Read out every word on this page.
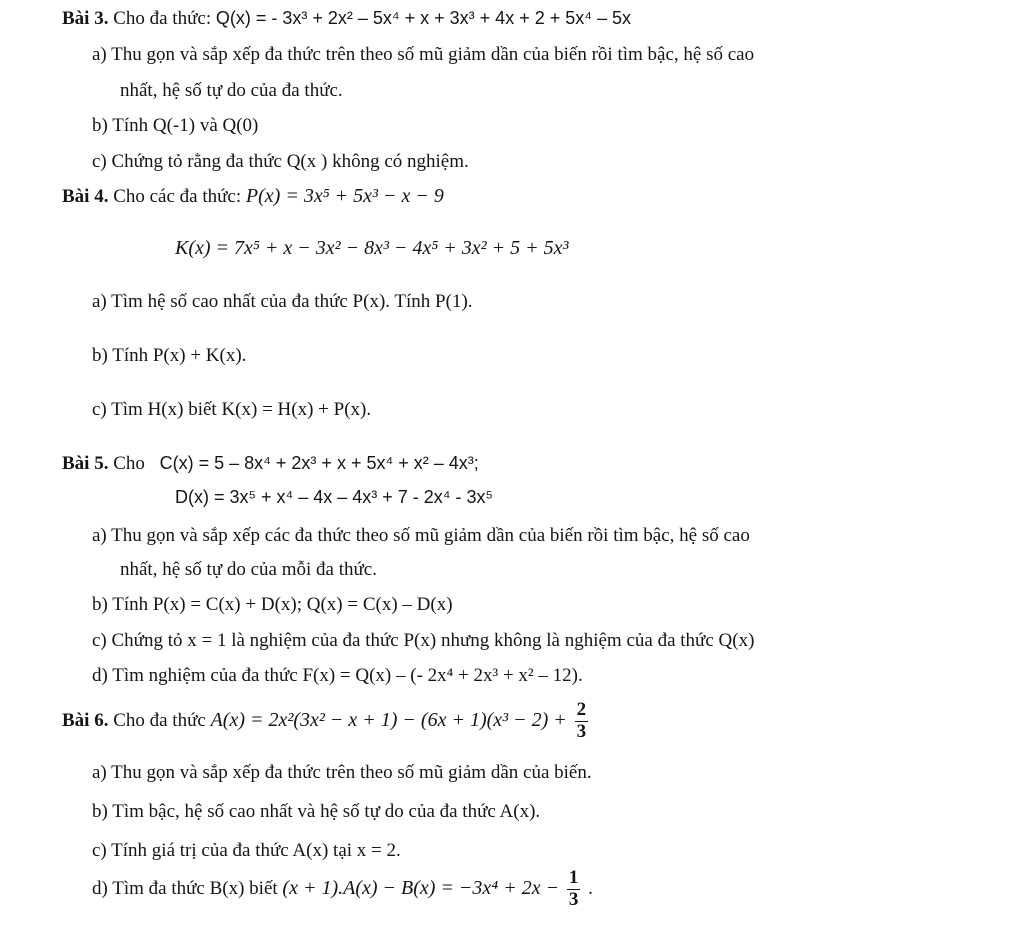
Bài 3. Cho đa thức: Q(x) = - 3x³ + 2x² – 5x⁴ + x + 3x³ + 4x + 2 + 5x⁴ – 5x
a) Thu gọn và sắp xếp đa thức trên theo số mũ giảm dần của biến rồi tìm bậc, hệ số cao
nhất, hệ số tự do của đa thức.
b) Tính Q(-1) và Q(0)
c) Chứng tỏ rằng đa thức Q(x ) không có nghiệm.
Bài 4. Cho các đa thức: P(x) = 3x⁵ + 5x³ − x − 9
K(x) = 7x⁵ + x − 3x² − 8x³ − 4x⁵ + 3x² + 5 + 5x³
a) Tìm hệ số cao nhất của đa thức P(x). Tính P(1).
b) Tính P(x) + K(x).
c) Tìm H(x) biết K(x) = H(x) + P(x).
Bài 5. Cho C(x) = 5 – 8x⁴ + 2x³ + x + 5x⁴ + x² – 4x³;
D(x) = 3x⁵ + x⁴ – 4x – 4x³ + 7 - 2x⁴ - 3x⁵
a) Thu gọn và sắp xếp các đa thức theo số mũ giảm dần của biến rồi tìm bậc, hệ số cao
nhất, hệ số tự do của mỗi đa thức.
b) Tính P(x) = C(x) + D(x); Q(x) = C(x) – D(x)
c) Chứng tỏ x = 1 là nghiệm của đa thức P(x) nhưng không là nghiệm của đa thức Q(x)
d) Tìm nghiệm của đa thức F(x) = Q(x) – (- 2x⁴ + 2x³ + x² – 12).
Bài 6. Cho đa thức $A(x) = 2x^2(3x^2 - x + 1) - (6x + 1)(x^3 - 2) + \frac{2}{3}$
a) Thu gọn và sắp xếp đa thức trên theo số mũ giảm dần của biến.
b) Tìm bậc, hệ số cao nhất và hệ số tự do của đa thức A(x).
c) Tính giá trị của đa thức A(x) tại x = 2.
d) Tìm đa thức B(x) biết $(x + 1).A(x) - B(x) = -3x^4 + 2x - \frac{1}{3}$ .
